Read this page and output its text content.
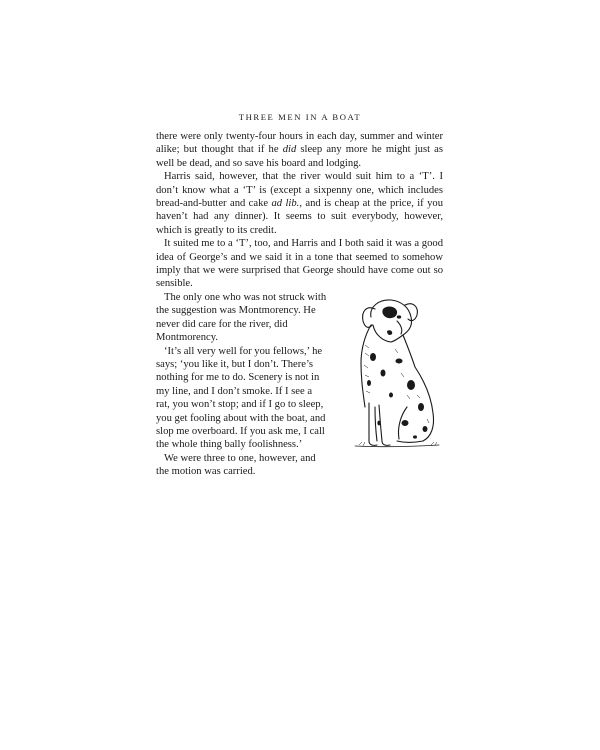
THREE MEN IN A BOAT

there were only twenty-four hours in each day, summer and winter alike; but thought that if he did sleep any more he might just as well be dead, and so save his board and lodging.

Harris said, however, that the river would suit him to a ‘T’. I don’t know what a ‘T’ is (except a sixpenny one, which includes bread-and-butter and cake ad lib., and is cheap at the price, if you haven’t had any dinner). It seems to suit everybody, however, which is greatly to its credit.

It suited me to a ‘T’, too, and Harris and I both said it was a good idea of George’s and we said it in a tone that seemed to somehow imply that we were surprised that George should have come out so sensible.

The only one who was not struck with the suggestion was Montmorency. He never did care for the river, did Montmorency.

‘It’s all very well for you fellows,’ he says; ‘you like it, but I don’t. There’s nothing for me to do. Scenery is not in my line, and I don’t smoke. If I see a rat, you won’t stop; and if I go to sleep, you get fooling about with the boat, and slop me overboard. If you ask me, I call the whole thing bally foolishness.’

We were three to one, however, and the motion was carried.
